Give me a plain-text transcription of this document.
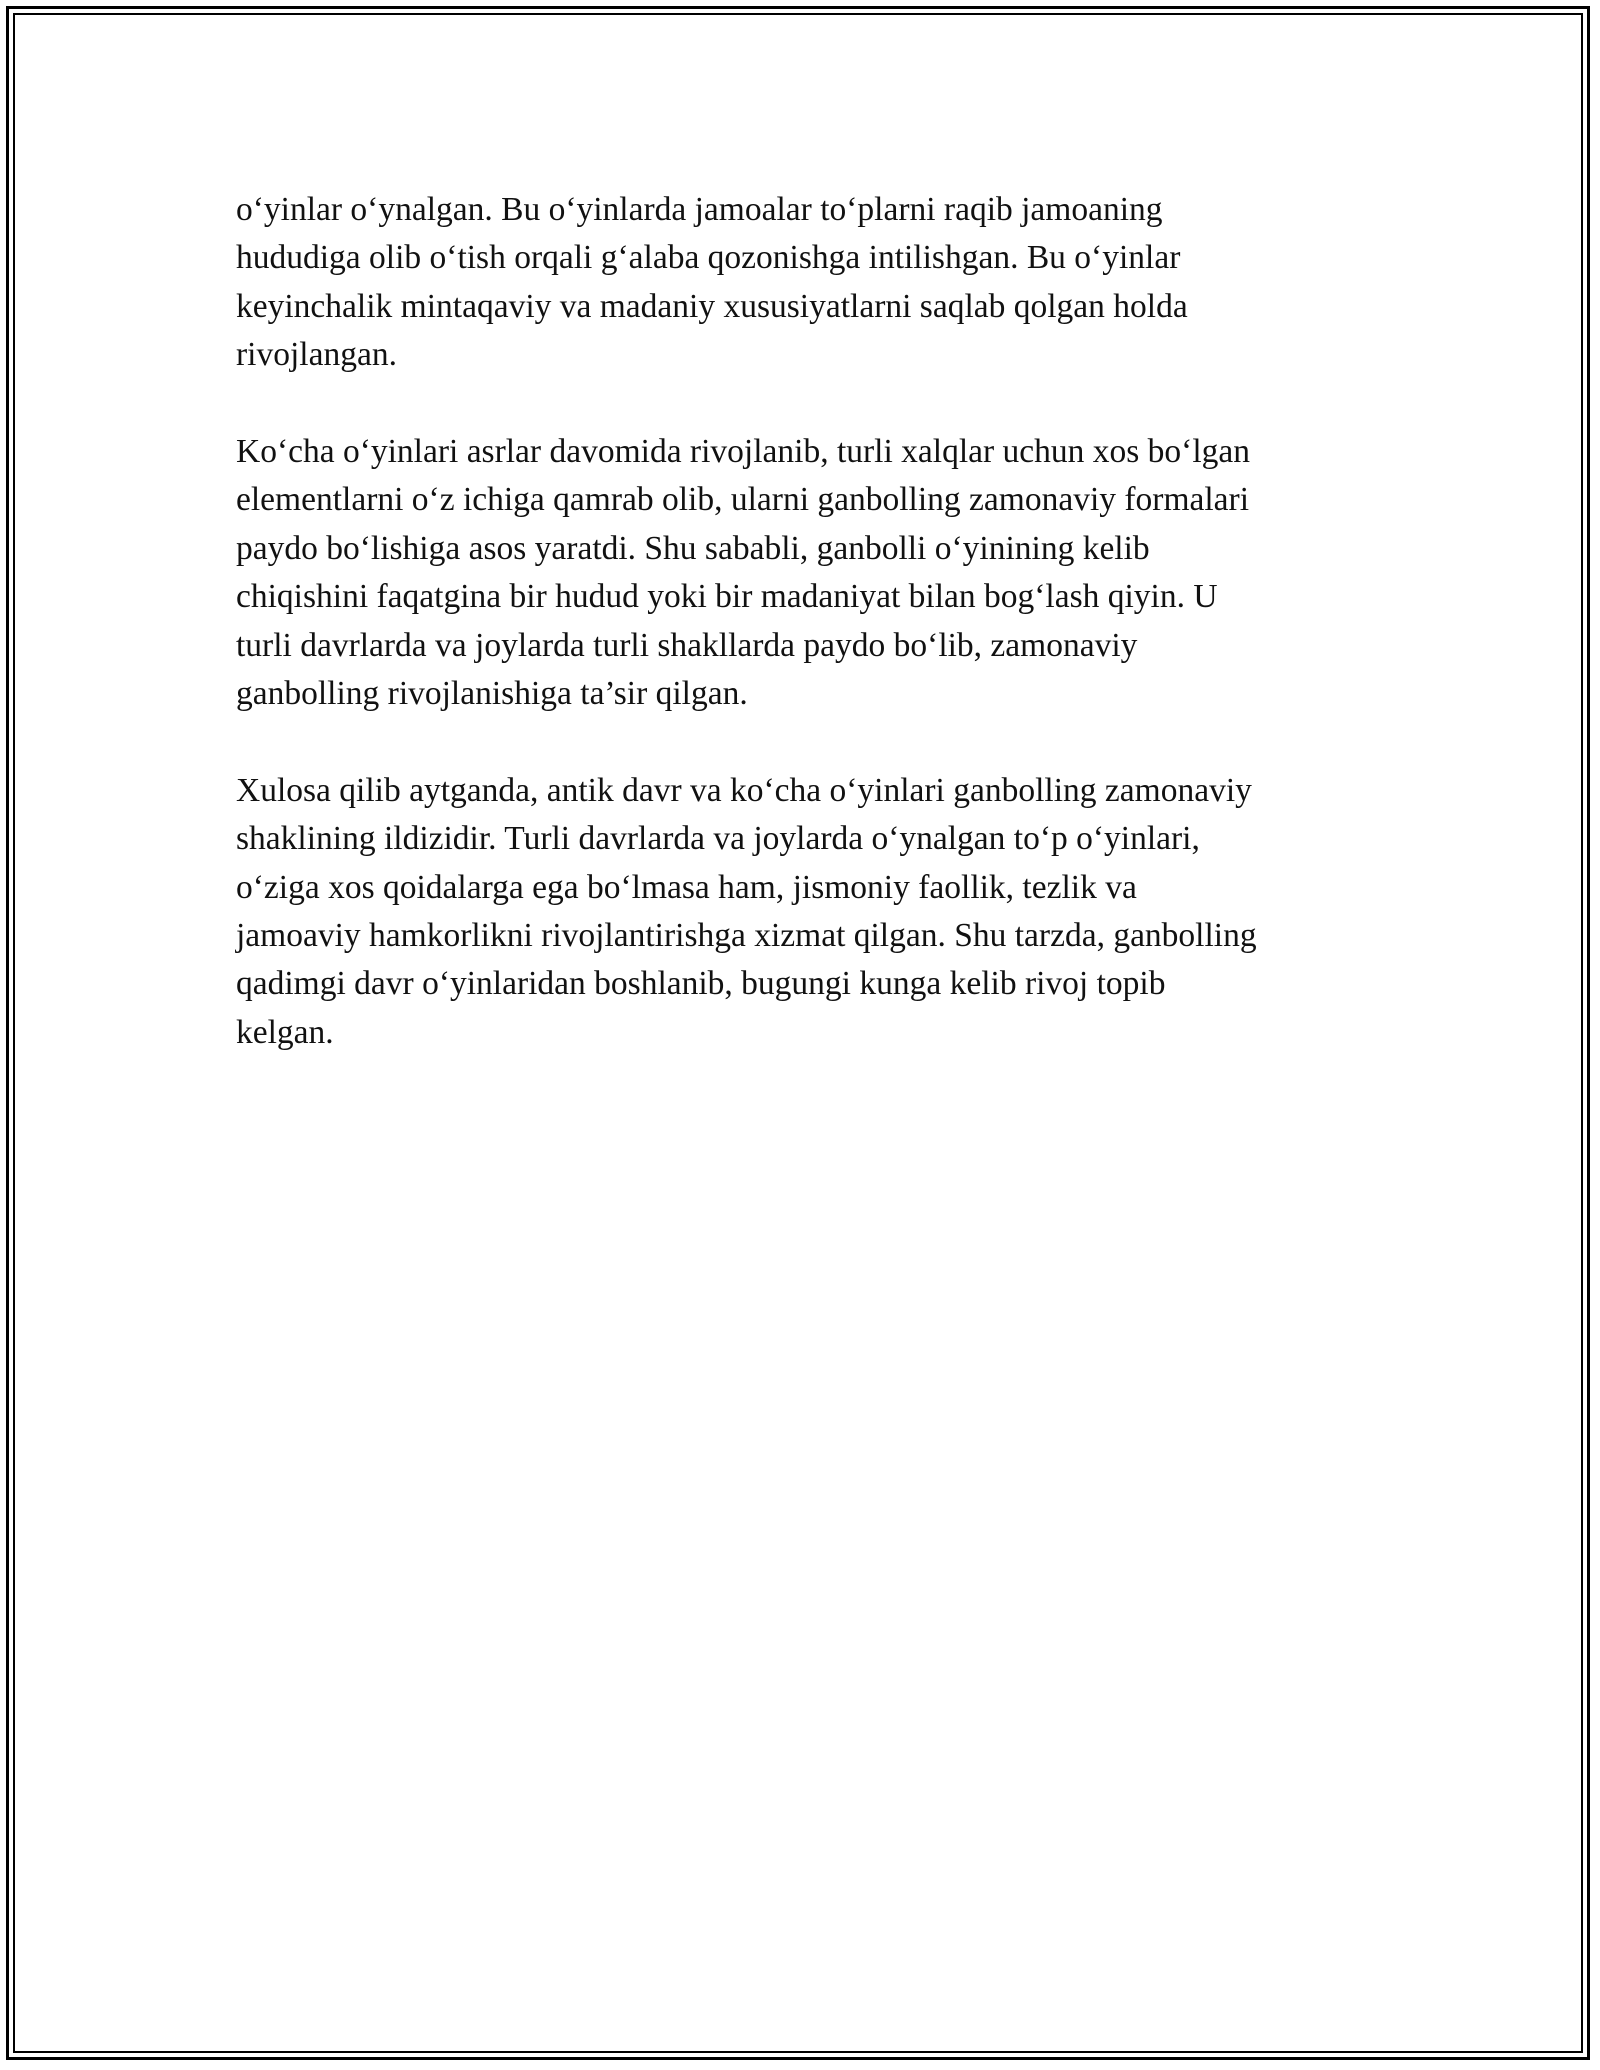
o‘yinlar o‘ynalgan. Bu o‘yinlarda jamoalar to‘plarni raqib jamoaning
hududiga olib o‘tish orqali g‘alaba qozonishga intilishgan. Bu o‘yinlar
keyinchalik mintaqaviy va madaniy xususiyatlarni saqlab qolgan holda
rivojlangan.

Ko‘cha o‘yinlari asrlar davomida rivojlanib, turli xalqlar uchun xos bo‘lgan
elementlarni o‘z ichiga qamrab olib, ularni ganbolling zamonaviy formalari
paydo bo‘lishiga asos yaratdi. Shu sababli, ganbolli o‘yinining kelib
chiqishini faqatgina bir hudud yoki bir madaniyat bilan bog‘lash qiyin. U
turli davrlarda va joylarda turli shakllarda paydo bo‘lib, zamonaviy
ganbolling rivojlanishiga ta’sir qilgan.

Xulosa qilib aytganda, antik davr va ko‘cha o‘yinlari ganbolling zamonaviy
shaklining ildizidir. Turli davrlarda va joylarda o‘ynalgan to‘p o‘yinlari,
o‘ziga xos qoidalarga ega bo‘lmasa ham, jismoniy faollik, tezlik va
jamoaviy hamkorlikni rivojlantirishga xizmat qilgan. Shu tarzda, ganbolling
qadimgi davr o‘yinlaridan boshlanib, bugungi kunga kelib rivoj topib
kelgan.
